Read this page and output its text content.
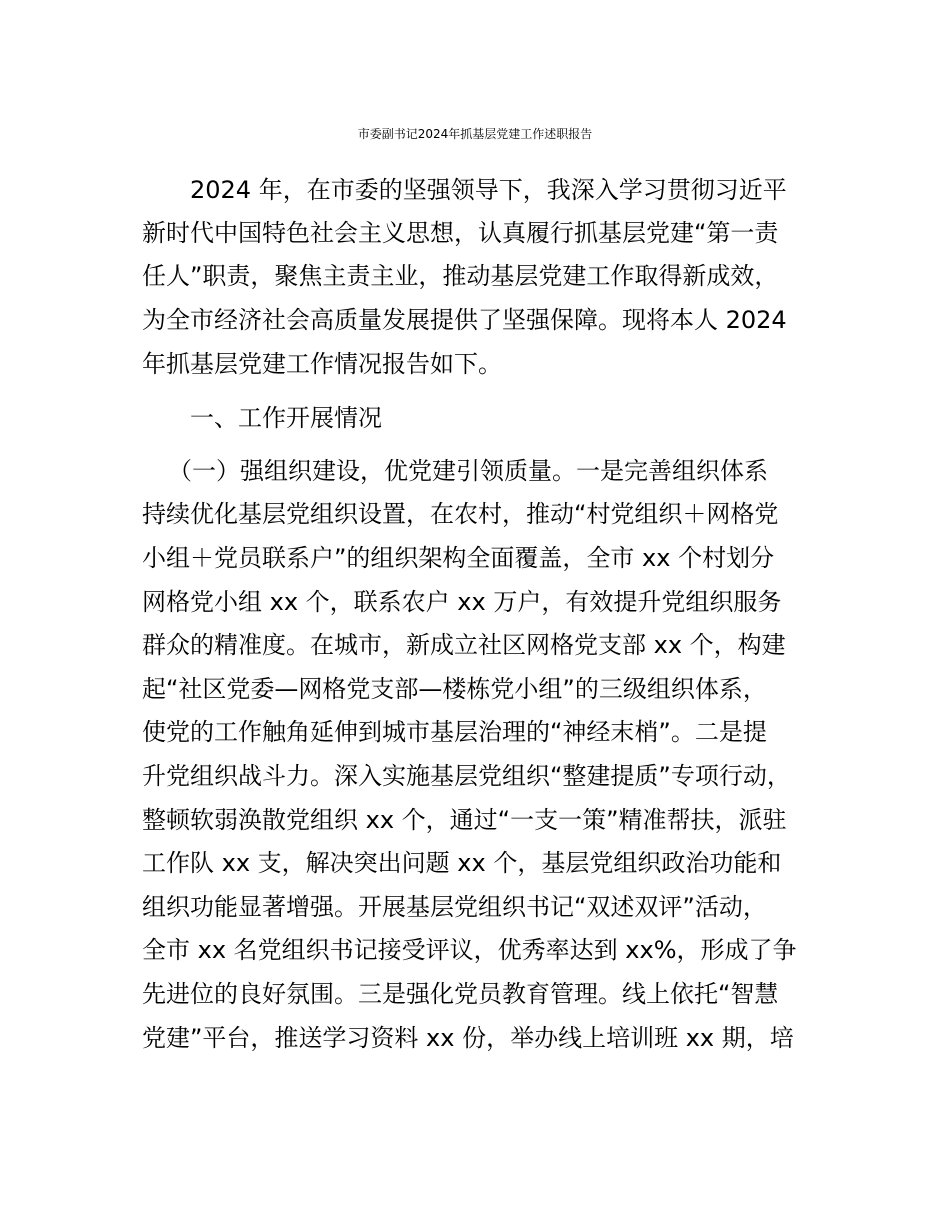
市委副书记2024年抓基层党建工作述职报告
2024 年，在市委的坚强领导下，我深入学习贯彻习近平
新时代中国特色社会主义思想，认真履行抓基层党建“第一责
任人”职责，聚焦主责主业，推动基层党建工作取得新成效，
为全市经济社会高质量发展提供了坚强保障。现将本人 2024
年抓基层党建工作情况报告如下。
一、工作开展情况
（一）强组织建设，优党建引领质量。一是完善组织体系
持续优化基层党组织设置，在农村，推动“村党组织＋网格党
小组＋党员联系户”的组织架构全面覆盖，全市 xx 个村划分
网格党小组 xx 个，联系农户 xx 万户，有效提升党组织服务
群众的精准度。在城市，新成立社区网格党支部 xx 个，构建
起“社区党委—网格党支部—楼栋党小组”的三级组织体系，
使党的工作触角延伸到城市基层治理的“神经末梢”。二是提
升党组织战斗力。深入实施基层党组织“整建提质”专项行动，
整顿软弱涣散党组织 xx 个，通过“一支一策”精准帮扶，派驻
工作队 xx 支，解决突出问题 xx 个，基层党组织政治功能和
组织功能显著增强。开展基层党组织书记“双述双评”活动，
全市 xx 名党组织书记接受评议，优秀率达到 xx%，形成了争
先进位的良好氛围。三是强化党员教育管理。线上依托“智慧
党建”平台，推送学习资料 xx 份，举办线上培训班 xx 期，培
